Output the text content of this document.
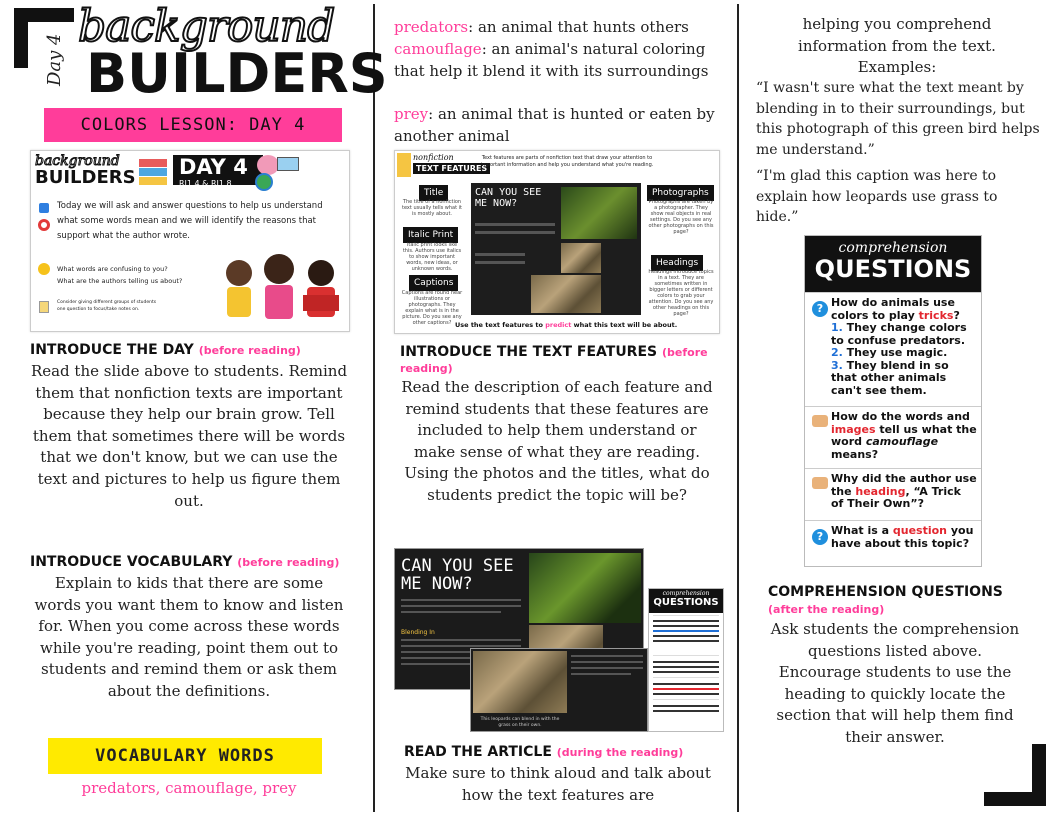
Day 4
background
BUILDERS
COLORS LESSON: DAY 4
background
BUILDERS DAY 4
RI1.4 & RI1.8
Today we will ask and answer questions to help us understand what some words mean and we will identify the reasons that support what the author wrote.
What words are confusing to you?
What are the authors telling us about?
Consider giving different groups of students one question to focus/take notes on.
INTRODUCE THE DAY (before reading)
Read the slide above to students. Remind them that nonfiction texts are important because they help our brain grow. Tell them that sometimes there will be words that we don't know, but we can use the text and pictures to help us figure them out.
INTRODUCE VOCABULARY (before reading)
Explain to kids that there are some words you want them to know and listen for. When you come across these words while you're reading, point them out to students and remind them or ask them about the definitions.
VOCABULARY WORDS
predators, camouflage, prey
predators: an animal that hunts others
camouflage: an animal's natural coloring that help it blend it with its surroundings
prey: an animal that is hunted or eaten by another animal
nonfiction
TEXT FEATURES
Text features are parts of nonfiction text that draw your attention to important information and help you understand what you're reading.
Title
The title of a nonfiction text usually tells what it is mostly about.
Italic Print
Italic print looks like this. Authors use italics to show important words, new ideas, or unknown words.
Captions
Captions are found near illustrations or photographs. They explain what is in the picture. Do you see any other captions?
CAN YOU SEE ME NOW?
Photographs
Photographs are taken by a photographer. They show real objects in real settings. Do you see any other photographs on this page?
Headings
Headings introduce topics in a text. They are sometimes written in bigger letters or different colors to grab your attention. Do you see any other headings on this page?
Use the text features to predict what this text will be about.
INTRODUCE THE TEXT FEATURES (before reading)
Read the description of each feature and remind students that these features are included to help them understand or make sense of what they are reading. Using the photos and the titles, what do students predict the topic will be?
CAN YOU SEE ME NOW?
Blending In
This leopards can blend in with the grass on their own.
comprehension
QUESTIONS
READ THE ARTICLE (during the reading)
Make sure to think aloud and talk about how the text features are
helping you comprehend information from the text.
Examples:
“I wasn't sure what the text meant by blending in to their surroundings, but this photograph of this green bird helps me understand.”
“I'm glad this caption was here to explain how leopards use grass to hide.”
comprehension
QUESTIONS
? How do animals use colors to play tricks?
1. They change colors to confuse predators.
2. They use magic.
3. They blend in so that other animals can't see them.
How do the words and images tell us what the word camouflage means?
Why did the author use the heading, “A Trick of Their Own”?
? What is a question you have about this topic?
COMPREHENSION QUESTIONS
(after the reading)
Ask students the comprehension questions listed above. Encourage students to use the heading to quickly locate the section that will help them find their answer.
